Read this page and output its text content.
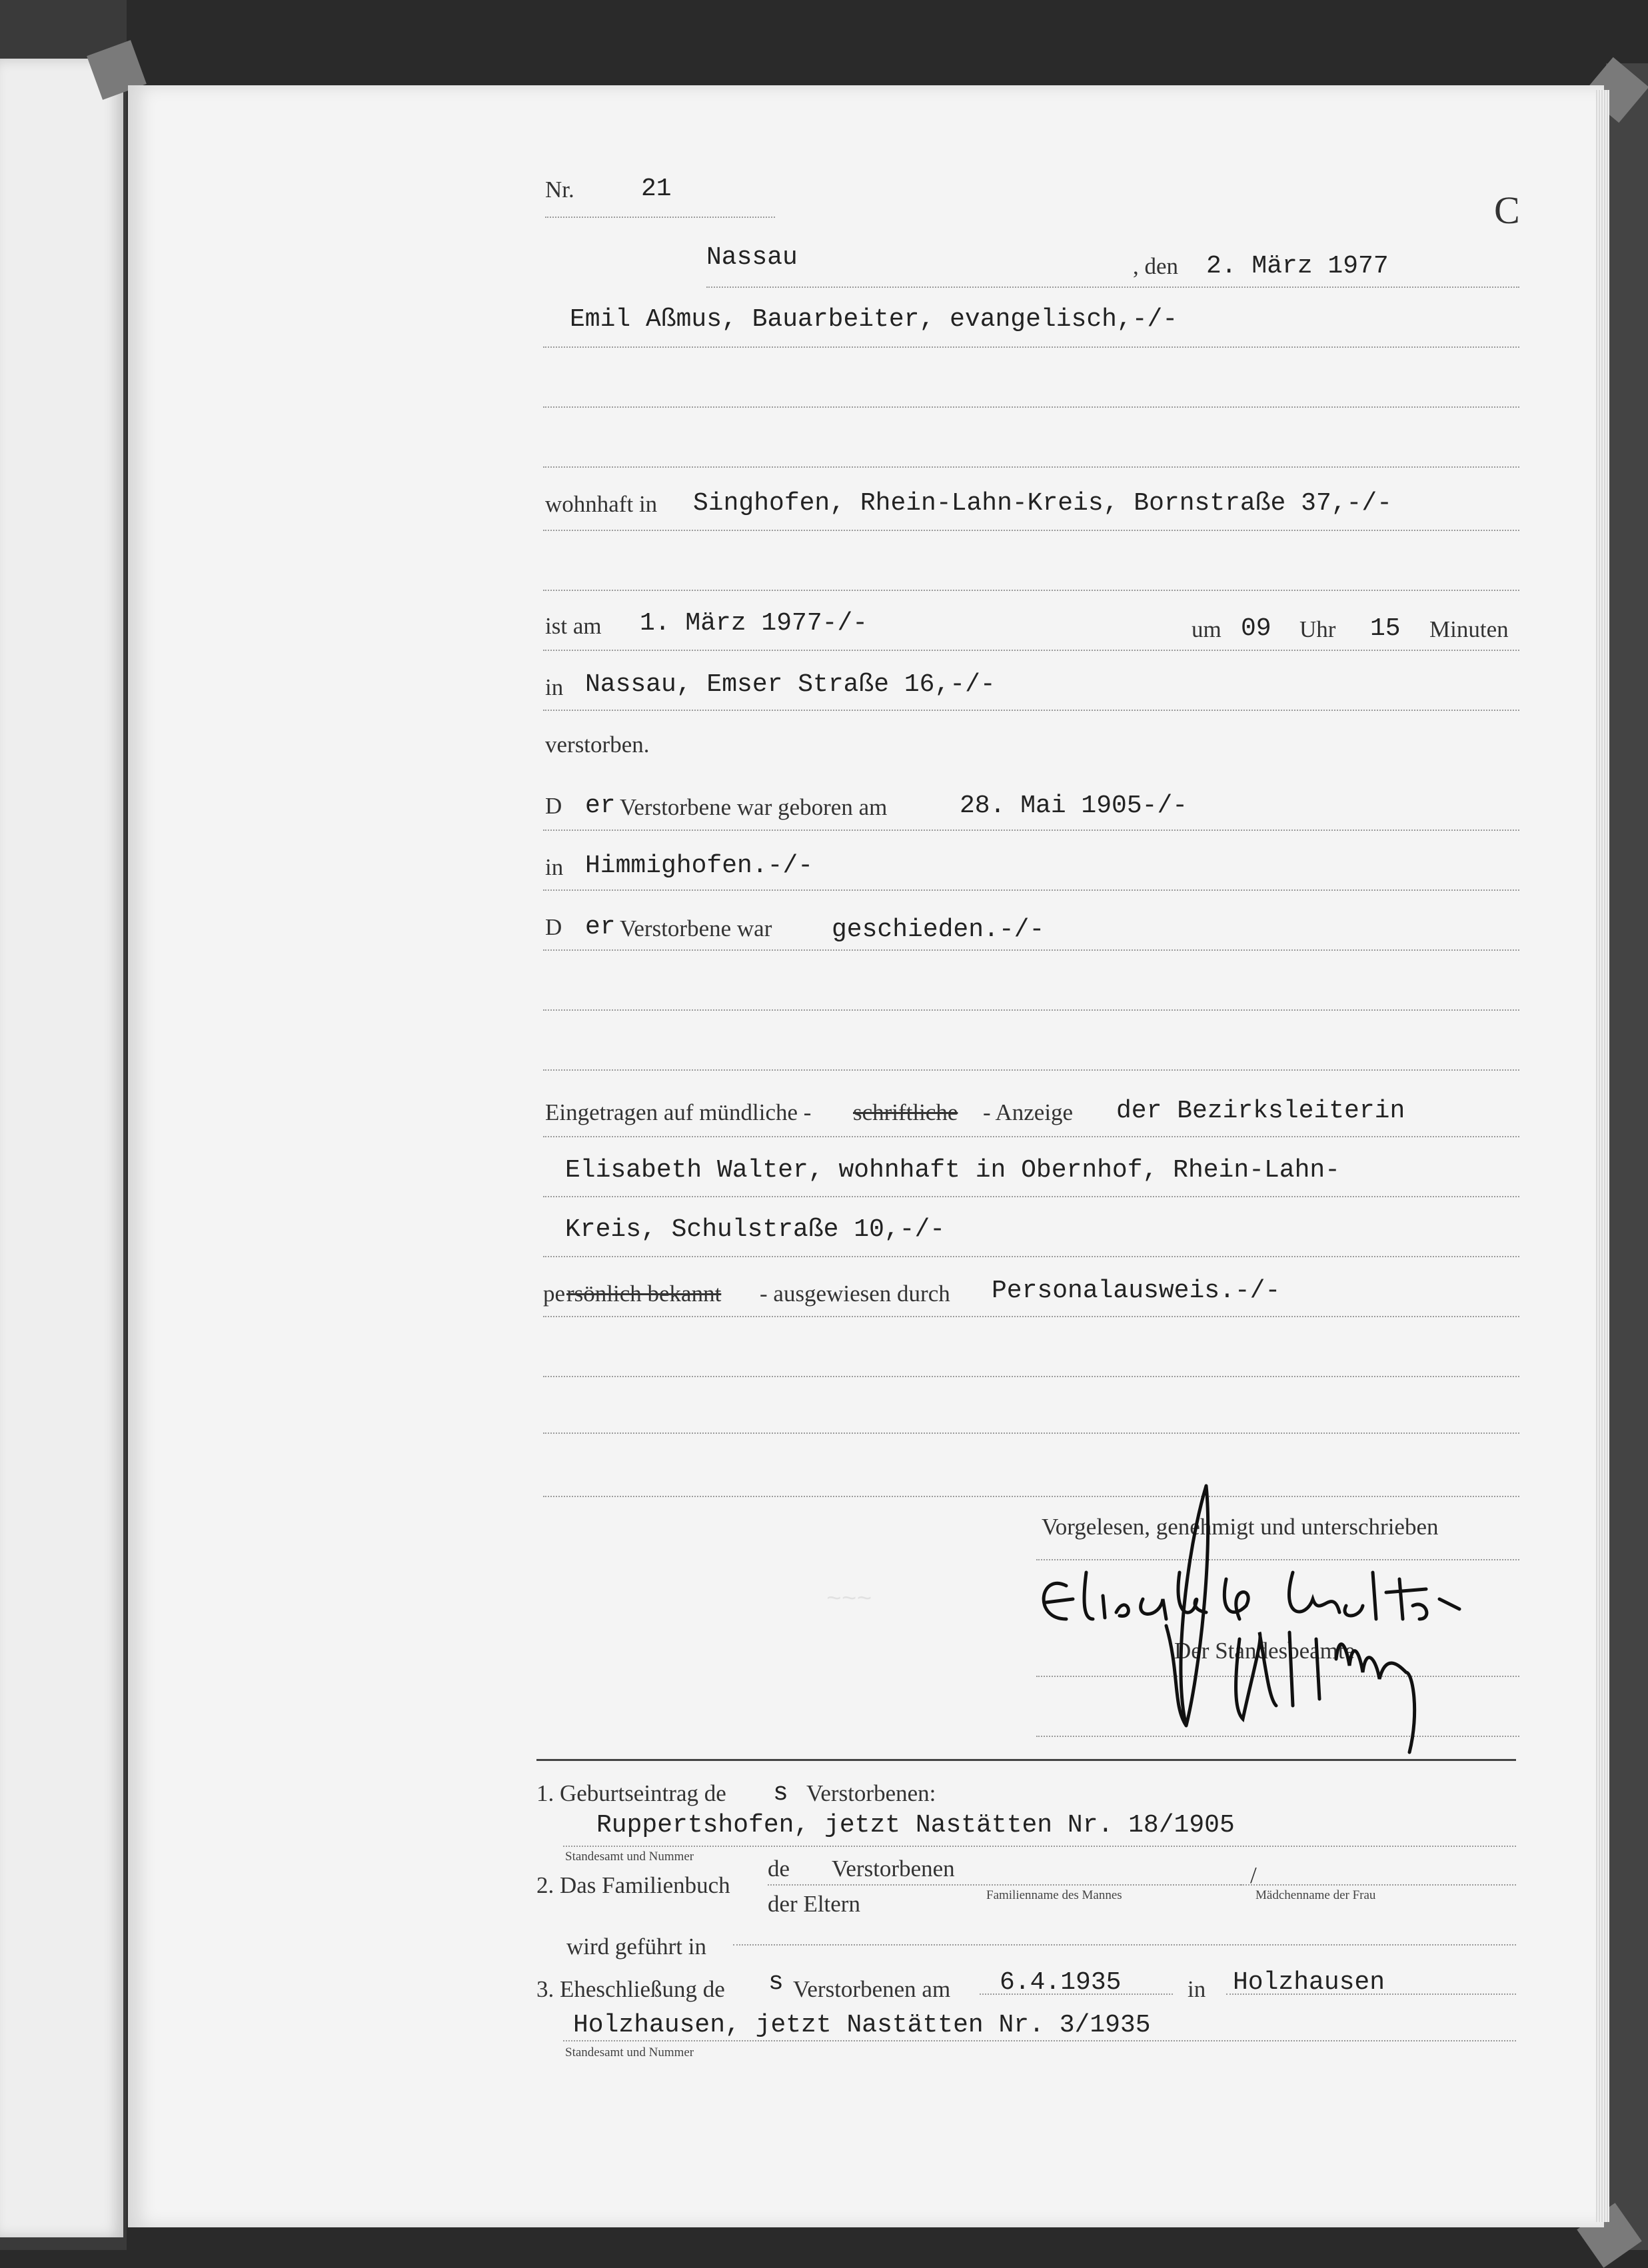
~~~
Nr.	21	C
Nassau	, den 2. März 1977
Emil Aßmus, Bauarbeiter, evangelisch,-/-
wohnhaft in Singhofen, Rhein-Lahn-Kreis, Bornstraße 37,-/-
ist am 1. März 1977-/-	um 09 Uhr 15 Minuten
in Nassau, Emser Straße 16,-/-
verstorben.
D er Verstorbene war geboren am	28. Mai 1905-/-
in Himmighofen.-/-
D er Verstorbene war geschieden.-/-
Eingetragen auf mündliche - schriftliche - Anzeige der Bezirksleiterin
Elisabeth Walter, wohnhaft in Obernhof, Rhein-Lahn-
Kreis, Schulstraße 10,-/-
pe rsönlich bekannt - ausgewiesen durch Personalausweis.-/-
Vorgelesen, genehmigt und unterschrieben
Der Standesbeamte
1. Geburtseintrag de s Verstorbenen:
Ruppertshofen, jetzt Nastätten Nr. 18/1905
Standesamt und Nummer
2. Das Familienbuch
de Verstorbenen
der Eltern	Familienname des Mannes
/
Mädchenname der Frau
wird geführt in
3. Eheschließung de s Verstorbenen am 6.4.1935	in Holzhausen
Holzhausen, jetzt Nastätten Nr. 3/1935
Standesamt und Nummer
